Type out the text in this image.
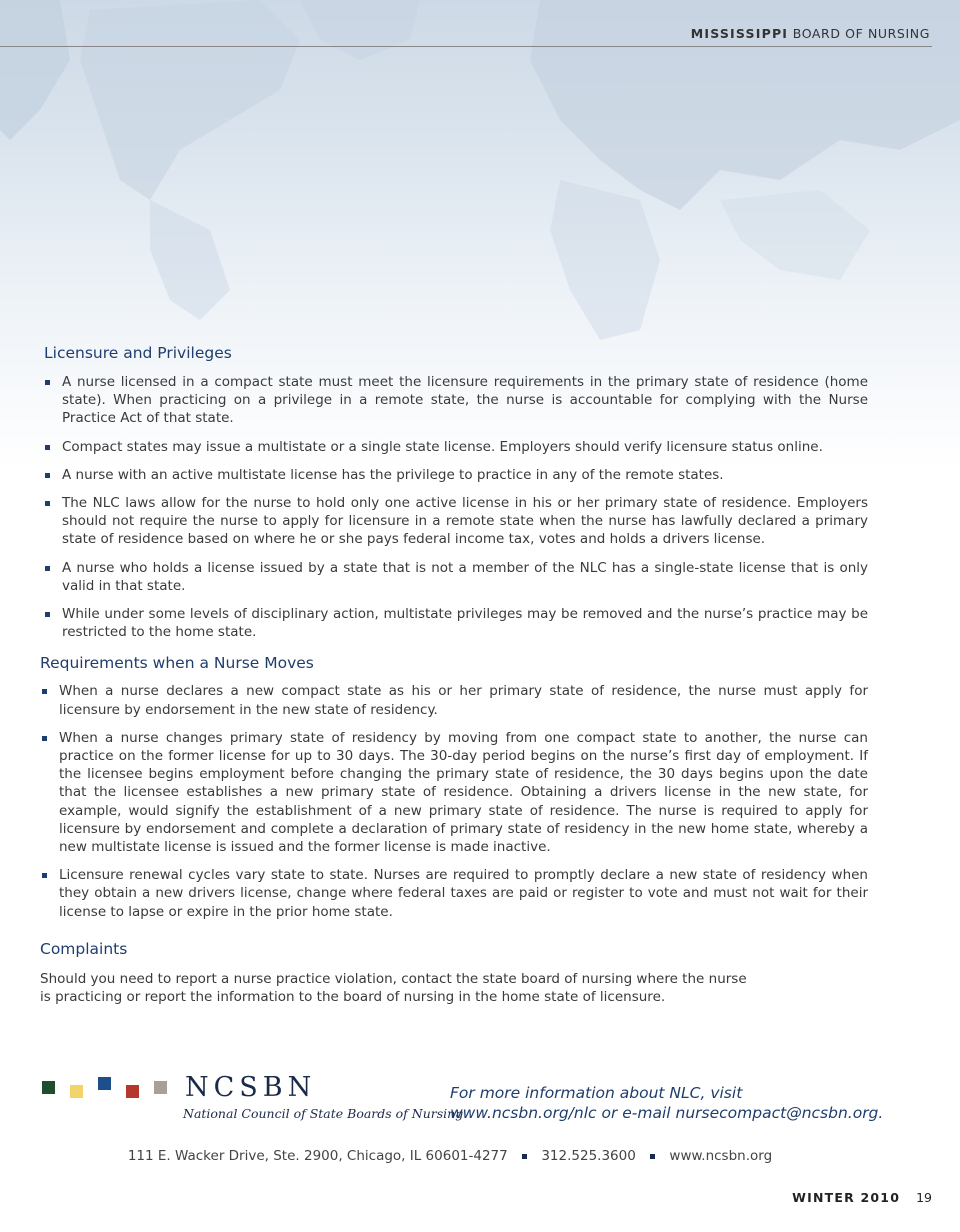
MISSISSIPPI BOARD OF NURSING
Licensure and Privileges
A nurse licensed in a compact state must meet the licensure requirements in the primary state of residence (home state). When practicing on a privilege in a remote state, the nurse is accountable for complying with the Nurse Practice Act of that state.
Compact states may issue a multistate or a single state license. Employers should verify licensure status online.
A nurse with an active multistate license has the privilege to practice in any of the remote states.
The NLC laws allow for the nurse to hold only one active license in his or her primary state of residence. Employers should not require the nurse to apply for licensure in a remote state when the nurse has lawfully declared a primary state of residence based on where he or she pays federal income tax, votes and holds a drivers license.
A nurse who holds a license issued by a state that is not a member of the NLC has a single-state license that is only valid in that state.
While under some levels of disciplinary action, multistate privileges may be removed and the nurse’s practice may be restricted to the home state.
Requirements when a Nurse Moves
When a nurse declares a new compact state as his or her primary state of residence, the nurse must apply for licensure by endorsement in the new state of residency.
When a nurse changes primary state of residency by moving from one compact state to another, the nurse can practice on the former license for up to 30 days. The 30-day period begins on the nurse’s first day of employment. If the licensee begins employment before changing the primary state of residence, the 30 days begins upon the date that the licensee establishes a new primary state of residence. Obtaining a drivers license in the new state, for example, would signify the establishment of a new primary state of residence. The nurse is required to apply for licensure by endorsement and complete a declaration of primary state of residency in the new home state, whereby a new multistate license is issued and the former license is made inactive.
Licensure renewal cycles vary state to state. Nurses are required to promptly declare a new state of residency when they obtain a new drivers license, change where federal taxes are paid or register to vote and must not wait for their license to lapse or expire in the prior home state.
Complaints

Should you need to report a nurse practice violation, contact the state board of nursing where the nurse is practicing or report the information to the board of nursing in the home state of licensure.

NCSBN
National Council of State Boards of Nursing
For more information about NLC, visit
www.ncsbn.org/nlc or e-mail nursecompact@ncsbn.org.
111 E. Wacker Drive, Ste. 2900, Chicago, IL 60601-4277 312.525.3600 www.ncsbn.org
WINTER 2010 19
